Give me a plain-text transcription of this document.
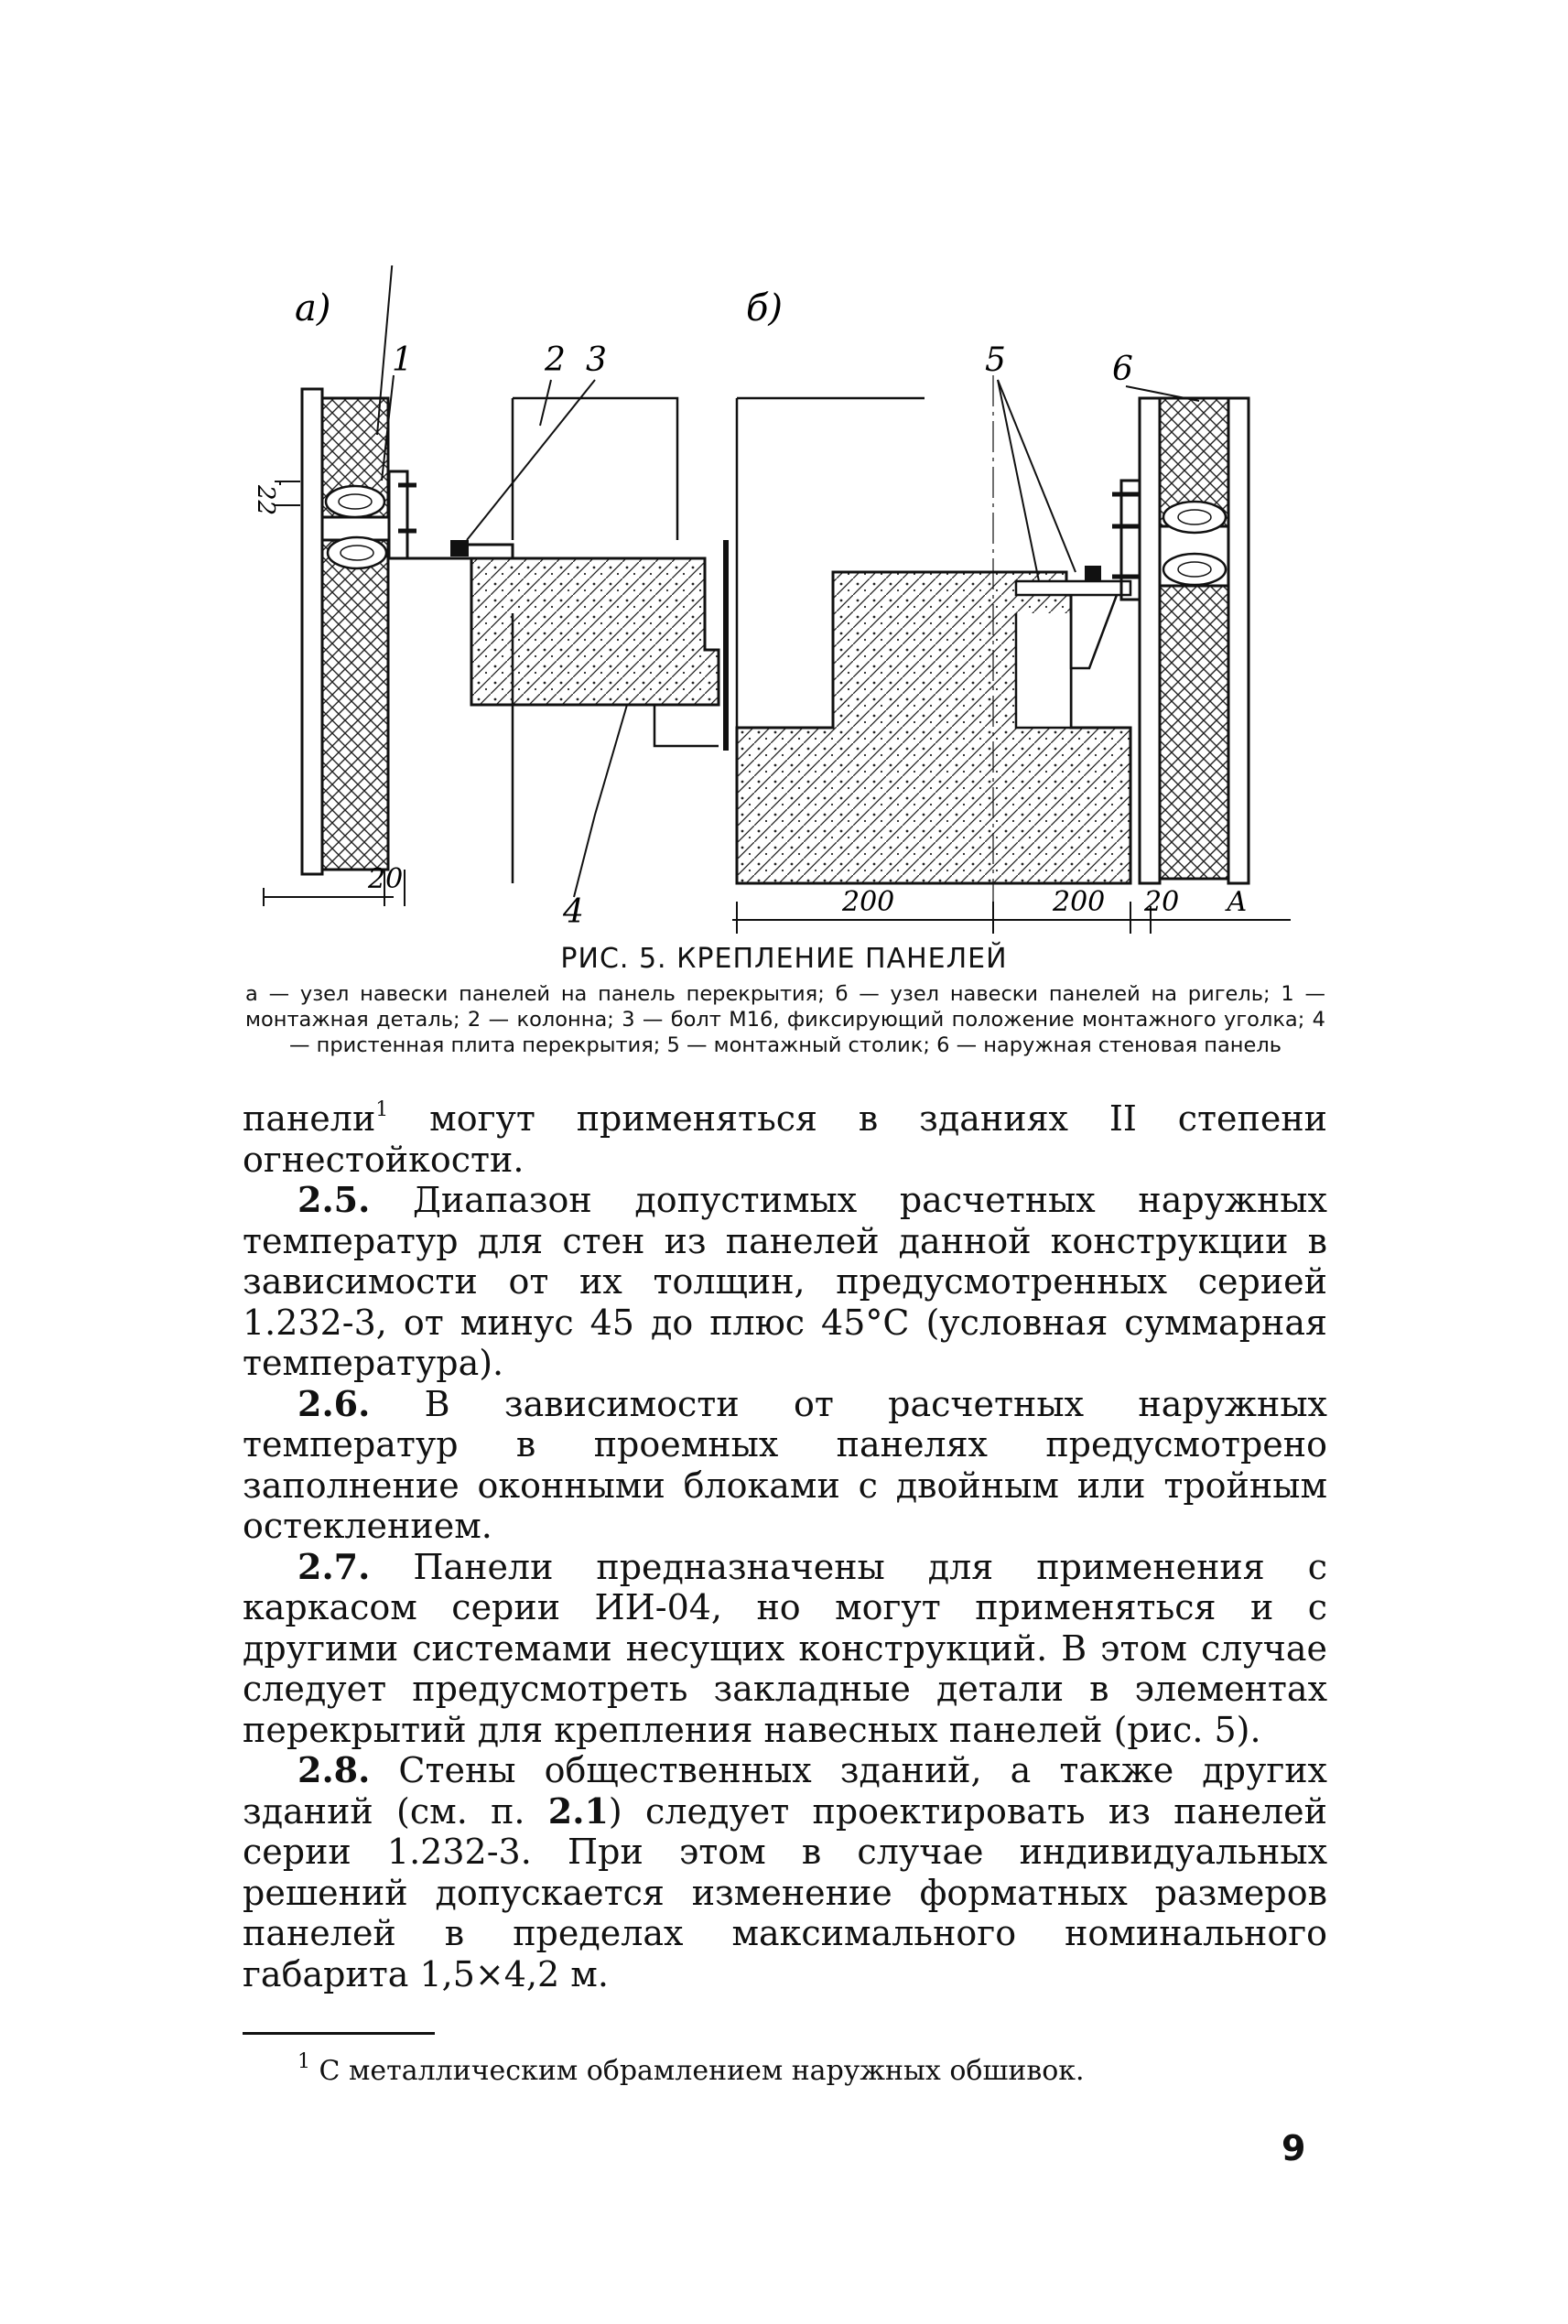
а)
22
1	2 3
4
20
б)
5	6
200	200 20 А
РИС. 5. КРЕПЛЕНИЕ ПАНЕЛЕЙ
а — узел навески панелей на панель перекрытия; б — узел навески панелей на ригель; 1 — монтажная деталь; 2 — колонна; 3 — болт М16, фиксирующий положение монтажного уголка; 4 — пристенная плита перекрытия; 5 — монтажный столик; 6 — наружная стеновая панель

панели$^1$ могут применяться в зданиях II степени огнестойкости.

2.5. Диапазон допустимых расчетных наружных температур для стен из панелей данной конструкции в зависимости от их толщин, предусмотренных серией 1.232-3, от минус 45 до плюс 45°С (условная суммарная температура).

2.6. В зависимости от расчетных наружных температур в проемных панелях предусмотрено заполнение оконными блоками с двойным или тройным остеклением.

2.7. Панели предназначены для применения с каркасом серии ИИ-04, но могут применяться и с другими системами несущих конструкций. В этом случае следует предусмотреть закладные детали в элементах перекрытий для крепления навесных панелей (рис. 5).

2.8. Стены общественных зданий, а также других зданий (см. п. 2.1) следует проектировать из панелей серии 1.232-3. При этом в случае индивидуальных решений допускается изменение форматных размеров панелей в пределах максимального номинального габарита 1,5×4,2 м.

$^1$ С металлическим обрамлением наружных обшивок.
9
